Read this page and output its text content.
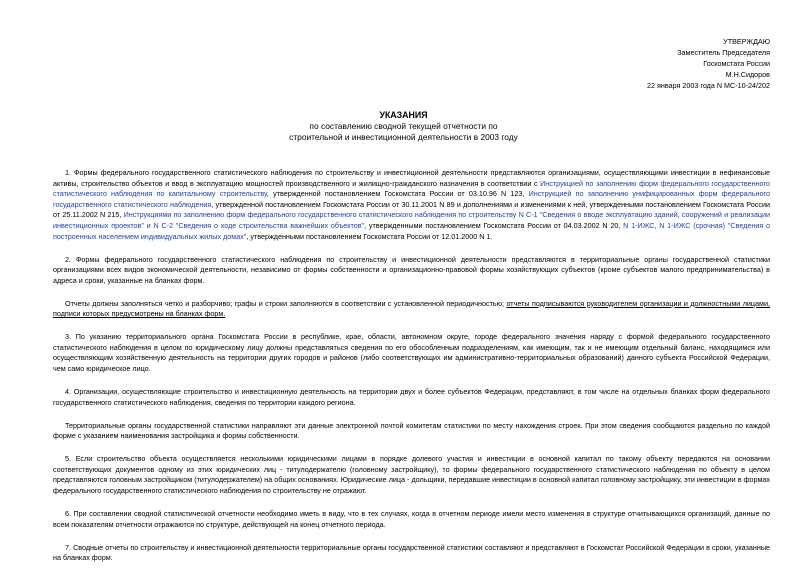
УТВЕРЖДАЮ
Заместитель Председателя
Госкомстата России
М.Н.Сидоров
22 января 2003 года N МС-10-24/202
УКАЗАНИЯ
по составлению сводной текущей отчетности по
строительной и инвестиционной деятельности в 2003 году

1. Формы федерального государственного статистического наблюдения по строительству и инвестиционной деятельности представляются организациями, осуществляющими инвестиции в нефинансовые активы, строительство объектов и ввод в эксплуатацию мощностей производственного и жилищно-гражданского назначения в соответствии с Инструкцией по заполнению форм федерального государственного статистического наблюдения по капитальному строительству, утвержденной постановлением Госкомстата России от 03.10.96 N 123, Инструкцией по заполнению унифицированных форм федерального государственного статистического наблюдения, утвержденной постановлением Госкомстата России от 30.11.2001 N 89 и дополнениями и изменениями к ней, утвержденными постановлением Госкомстата России от 25.11.2002 N 215, Инструкциями по заполнению форм федерального государственного статистического наблюдения по строительству N С-1 "Сведения о вводе эксплуатацию зданий, сооружений и реализации инвестиционных проектов" и N С-2 "Сведения о ходе строительства важнейших объектов", утвержденными постановлением Госкомстата России от 04.03.2002 N 20, N 1-ИЖС, N 1-ИЖС (срочная) "Сведения о построенных населением индивидуальных жилых домах", утвержденными постановлением Госкомстата России от 12.01.2000 N 1.

2. Формы федерального государственного статистического наблюдения по строительству и инвестиционной деятельности представляются в территориальные органы государственной статистики организациями всех видов экономической деятельности, независимо от формы собственности и организационно-правовой формы хозяйствующих субъектов (кроме субъектов малого предпринимательства) в адреса и сроки, указанные на бланках форм.

Отчеты должны заполняться четко и разборчиво; графы и строки заполняются в соответствии с установленной периодичностью; отчеты подписываются руководителем организации и должностными лицами, подписи которых предусмотрены на бланках форм.

3. По указанию территориального органа Госкомстата России в республике, крае, области, автономном округе, городе федерального значения наряду с формой федерального государственного статистического наблюдения в целом по юридическому лицу должны представляться сведения по его обособленным подразделениям, как имеющим, так и не имеющим отдельный баланс, находящимся или осуществляющим хозяйственную деятельность на территории других городов и районов (либо соответствующих им административно-территориальных образований) данного субъекта Российской Федерации, чем само юридическое лицо.

4. Организации, осуществляющие строительство и инвестиционную деятельность на территории двух и более субъектов Федерации, представляют, в том числе на отдельных бланках форм федерального государственного статистического наблюдения, сведения по территории каждого региона.

Территориальные органы государственной статистики направляют эти данные электронной почтой комитетам статистики по месту нахождения строек. При этом сведения сообщаются раздельно по каждой форме с указанием наименования застройщика и формы собственности.

5. Если строительство объекта осуществляется несколькими юридическими лицами в порядке долевого участия и инвестиции в основной капитал по такому объекту передаются на основании соответствующих документов одному из этих юридических лиц - титулодержателю (головному застройщику), то формы федерального государственного статистического наблюдения по объекту в целом представляются головным застройщиком (титулодержателем) на общих основаниях. Юридические лица - дольщики, передавшие инвестиции в основной капитал головному застройщику, эти инвестиции в формах федерального государственного статистического наблюдения по строительству не отражают.

6. При составлении сводной статистической отчетности необходимо иметь в виду, что в тех случаях, когда в отчетном периоде имели место изменения в структуре отчитывающихся организаций, данные по всем показателям отчетности отражаются по структуре, действующей на конец отчетного периода.

7. Сводные отчеты по строительству и инвестиционной деятельности территориальные органы государственной статистики составляют и представляют в Госкомстат Российской Федерации в сроки, указанные на бланках форм.
